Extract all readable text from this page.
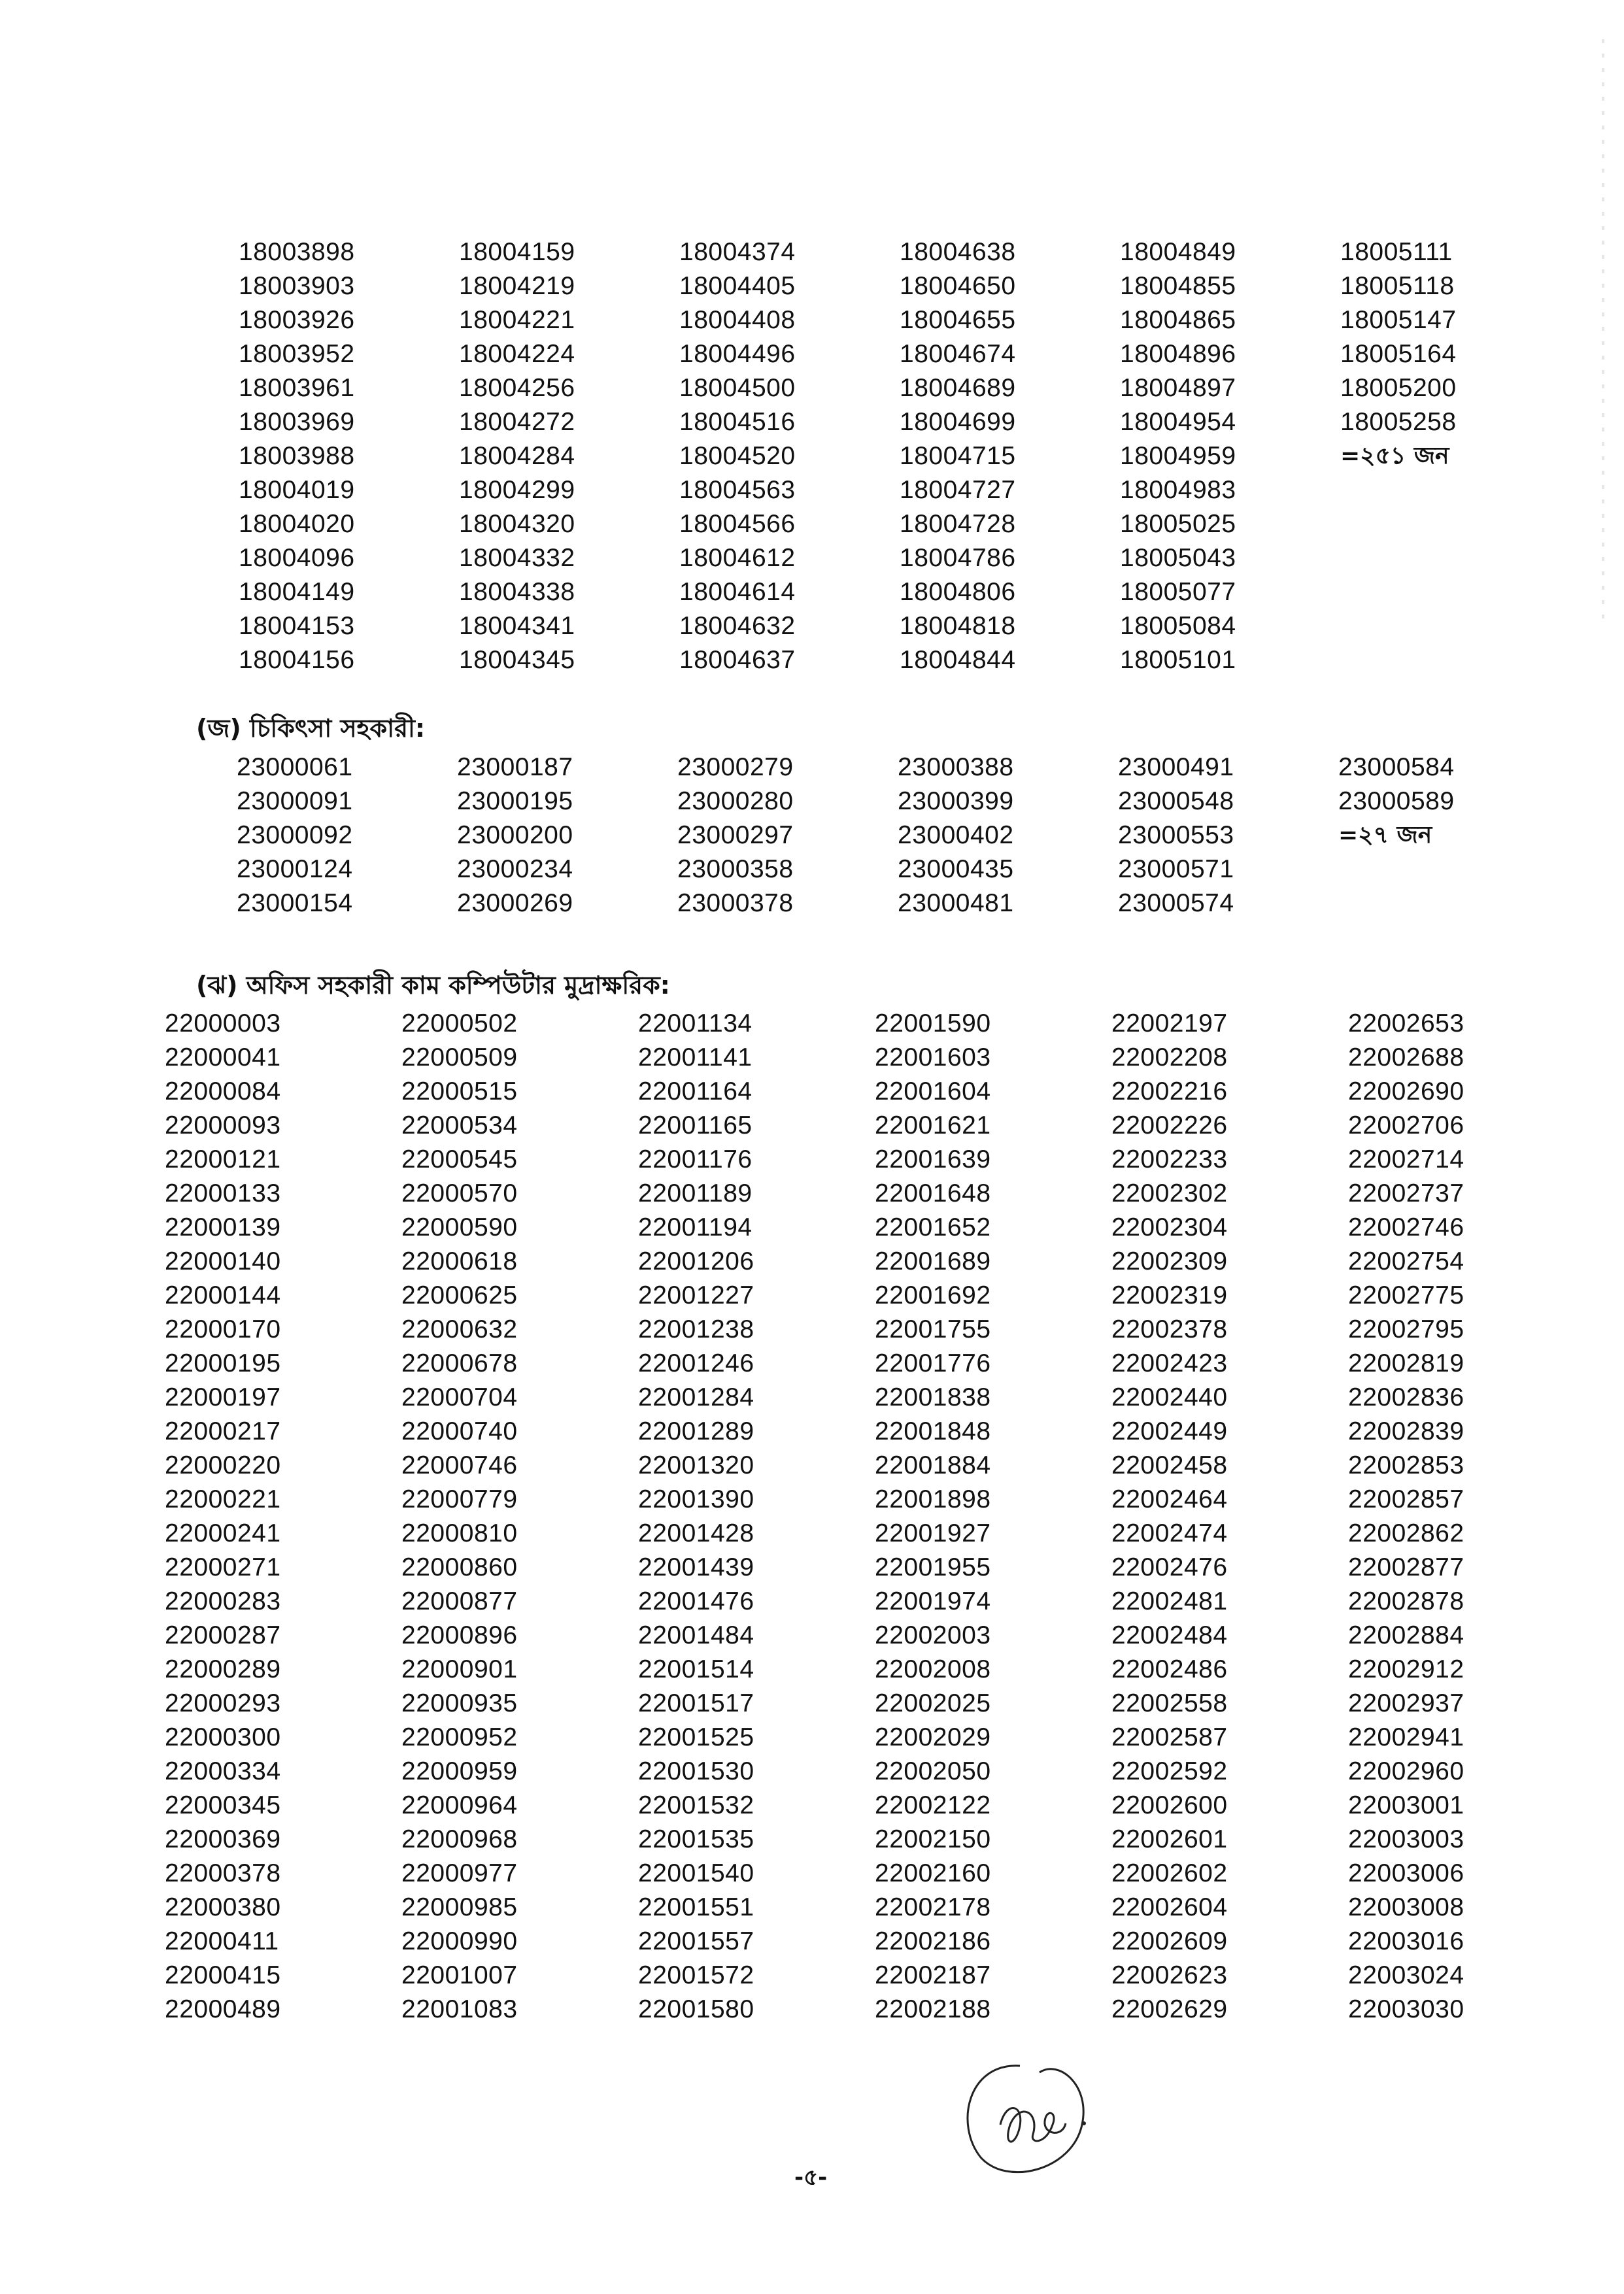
18003898
18003903
18003926
18003952
18003961
18003969
18003988
18004019
18004020
18004096
18004149
18004153
18004156
18004159
18004219
18004221
18004224
18004256
18004272
18004284
18004299
18004320
18004332
18004338
18004341
18004345
18004374
18004405
18004408
18004496
18004500
18004516
18004520
18004563
18004566
18004612
18004614
18004632
18004637
18004638
18004650
18004655
18004674
18004689
18004699
18004715
18004727
18004728
18004786
18004806
18004818
18004844
18004849
18004855
18004865
18004896
18004897
18004954
18004959
18004983
18005025
18005043
18005077
18005084
18005101
18005111
18005118
18005147
18005164
18005200
18005258
=২৫১ জন
(জ) চিকিৎসা সহকারী:
23000061
23000091
23000092
23000124
23000154
23000187
23000195
23000200
23000234
23000269
23000279
23000280
23000297
23000358
23000378
23000388
23000399
23000402
23000435
23000481
23000491
23000548
23000553
23000571
23000574
23000584
23000589
=২৭ জন
(ঝ) অফিস সহকারী কাম কম্পিউটার মুদ্রাক্ষরিক:
22000003
22000041
22000084
22000093
22000121
22000133
22000139
22000140
22000144
22000170
22000195
22000197
22000217
22000220
22000221
22000241
22000271
22000283
22000287
22000289
22000293
22000300
22000334
22000345
22000369
22000378
22000380
22000411
22000415
22000489
22000502
22000509
22000515
22000534
22000545
22000570
22000590
22000618
22000625
22000632
22000678
22000704
22000740
22000746
22000779
22000810
22000860
22000877
22000896
22000901
22000935
22000952
22000959
22000964
22000968
22000977
22000985
22000990
22001007
22001083
22001134
22001141
22001164
22001165
22001176
22001189
22001194
22001206
22001227
22001238
22001246
22001284
22001289
22001320
22001390
22001428
22001439
22001476
22001484
22001514
22001517
22001525
22001530
22001532
22001535
22001540
22001551
22001557
22001572
22001580
22001590
22001603
22001604
22001621
22001639
22001648
22001652
22001689
22001692
22001755
22001776
22001838
22001848
22001884
22001898
22001927
22001955
22001974
22002003
22002008
22002025
22002029
22002050
22002122
22002150
22002160
22002178
22002186
22002187
22002188
22002197
22002208
22002216
22002226
22002233
22002302
22002304
22002309
22002319
22002378
22002423
22002440
22002449
22002458
22002464
22002474
22002476
22002481
22002484
22002486
22002558
22002587
22002592
22002600
22002601
22002602
22002604
22002609
22002623
22002629
22002653
22002688
22002690
22002706
22002714
22002737
22002746
22002754
22002775
22002795
22002819
22002836
22002839
22002853
22002857
22002862
22002877
22002878
22002884
22002912
22002937
22002941
22002960
22003001
22003003
22003006
22003008
22003016
22003024
22003030
-৫-
